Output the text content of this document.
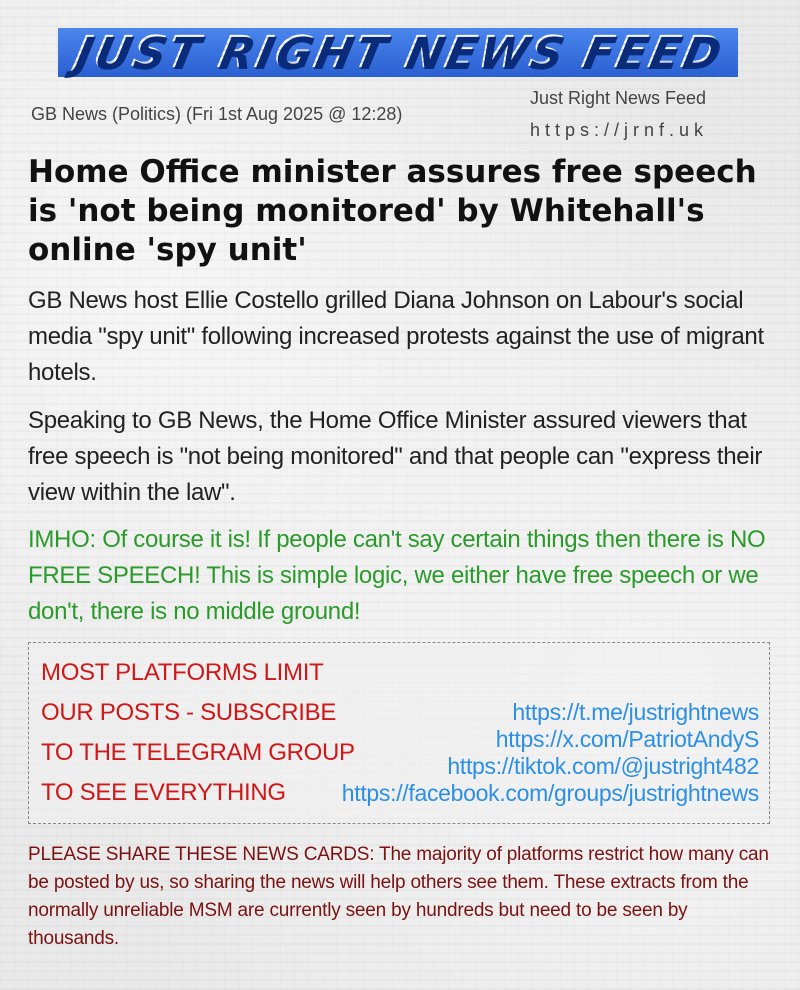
JUST RIGHT NEWS FEED
GB News (Politics) (Fri 1st Aug 2025 @ 12:28)
Just Right News Feed
https://jrnf.uk
Home Office minister assures free speech is 'not being monitored' by Whitehall's online 'spy unit'
GB News host Ellie Costello grilled Diana Johnson on Labour's social media "spy unit" following increased protests against the use of migrant hotels.
Speaking to GB News, the Home Office Minister assured viewers that free speech is "not being monitored" and that people can "express their view within the law".
IMHO: Of course it is! If people can't say certain things then there is NO FREE SPEECH! This is simple logic, we either have free speech or we don't, there is no middle ground!
MOST PLATFORMS LIMIT
OUR POSTS - SUBSCRIBE
TO THE TELEGRAM GROUP
TO SEE EVERYTHING
https://t.me/justrightnews
https://x.com/PatriotAndyS
https://tiktok.com/@justright482
https://facebook.com/groups/justrightnews
PLEASE SHARE THESE NEWS CARDS: The majority of platforms restrict how many can be posted by us, so sharing the news will help others see them. These extracts from the normally unreliable MSM are currently seen by hundreds but need to be seen by thousands.
